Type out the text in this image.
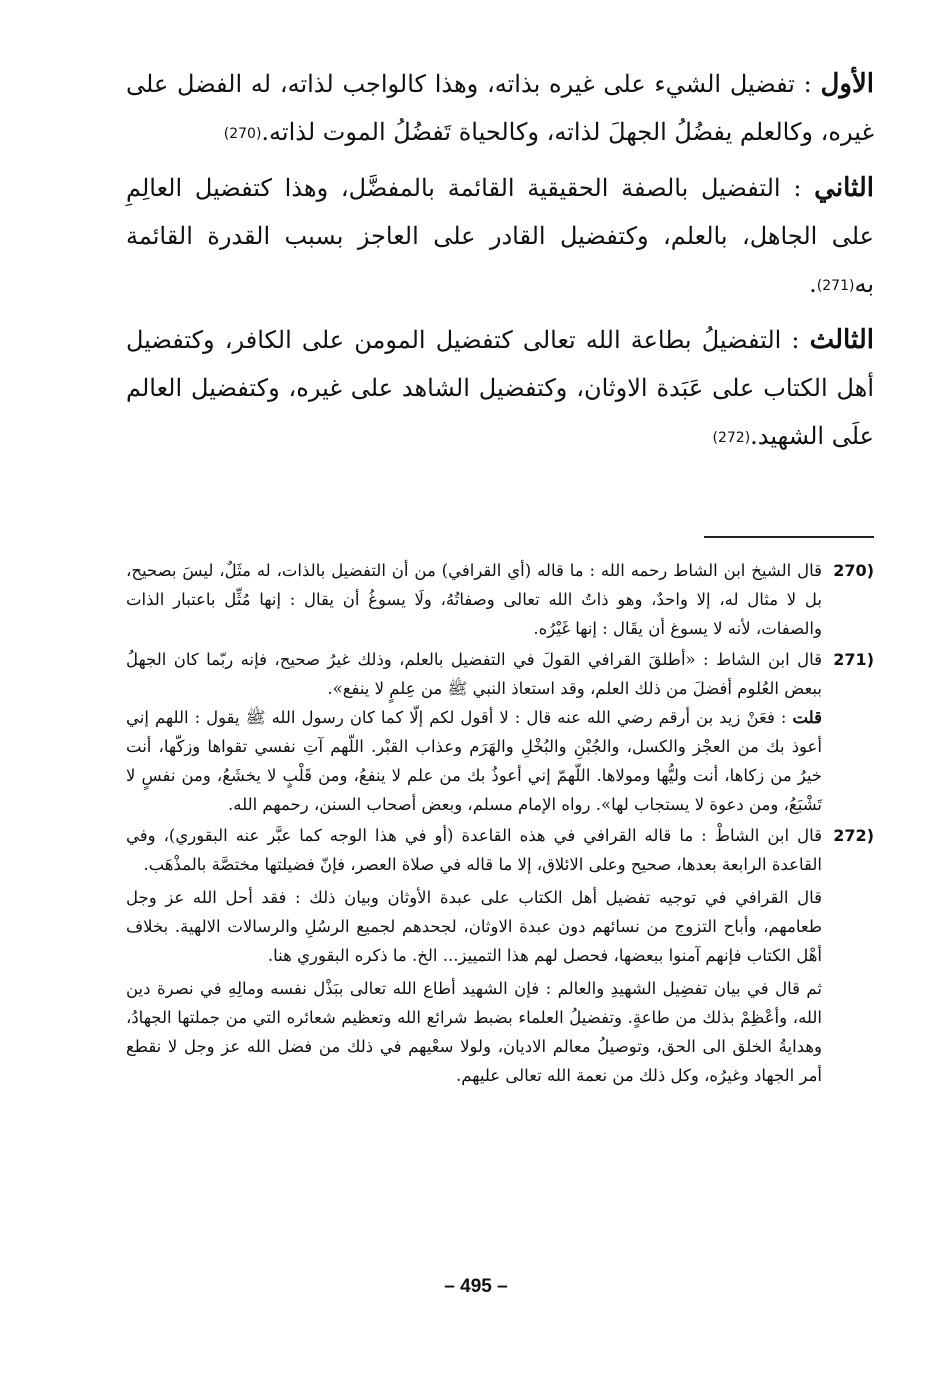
الأول : تفضيل الشيء على غيره بذاته، وهذا كالواجب لذاته، له الفضل على غيره، وكالعلم يفضُلُ الجهلَ لذاته، وكالحياة تَفضُلُ الموت لذاته.(270)

الثاني : التفضيل بالصفة الحقيقية القائمة بالمفضَّل، وهذا كتفضيل العالِمِ على الجاهل، بالعلم، وكتفضيل القادر على العاجز بسبب القدرة القائمة به(271).

الثالث : التفضيلُ بطاعة الله تعالى كتفضيل المومن على الكافر، وكتفضيل أهل الكتاب على عَبَدة الاوثان، وكتفضيل الشاهد على غيره، وكتفضيل العالم علَى الشهيد.(272)

(270

قال الشيخ ابن الشاط رحمه الله : ما قاله (أي القرافي) من أن التفضيل بالذات، له مثَلٌ، ليسَ بصحيح، بل لا مثال له، إلا واحدٌ، وهو ذاتُ الله تعالى وصفاتُهُ، ولَا يسوغُ أن يقال : إنها مُثِّل باعتبار الذات والصفات، لأنه لا يسوغ أن يقَال : إنها غَيْرُه.

(271

قال ابن الشاط : «أطلقَ القرافي القولَ في التفضيل بالعلم، وذلك غيرُ صحيح، فإنه ربّما كان الجهلُ ببعض العُلوم أفضلَ من ذلك العلم، وقد استعاذ النبي ﷺ من عِلمٍ لا ينفع».

قلت : فعَنْ زيد بن أرقم رضي الله عنه قال : لا أقول لكم إلّا كما كان رسول الله ﷺ يقول : اللهم إني أعوذ بك من العجْز والكسل، والجُبْنِ والبُخْلِ والهَرَم وعذاب القبْر. اللّهم آتِ نفسي تقواها وزكّها، أنت خيرُ من زكاها، أنت وليُّها ومولاها. اللّهمّ إني أعوذُ بك من علم لا ينفعُ، ومن قَلْبٍ لا يخشَعُ، ومن نفسٍ لا تَشْبَعُ، ومن دعوة لا يستجاب لها». رواه الإمام مسلم، وبعض أصحاب السنن، رحمهم الله.

(272

قال ابن الشاطْ : ما قاله القرافي في هذه القاعدة (أو في هذا الوجه كما عبَّر عنه البقوري)، وفي القاعدة الرابعة بعدها، صحيح وعلى الائلاق، إلا ما قاله في صلاة العصر، فإنّ فضيلتها مختصَّة بالمذْهَب.

قال القرافي في توجيه تفضيل أهل الكتاب على عبدة الأوثان وبيان ذلك : فقد أحل الله عز وجل طعامهم، وأباح التزوج من نسائهم دون عبدة الاوثان، لجحدهم لجميع الرسُلِ والرسالات الالهية. بخلاف أهْل الكتاب فإنهم آمنوا ببعضها، فحصل لهم هذا التمييز... الخ. ما ذكره البقوري هنا.

ثم قال في بيان تفضِيل الشهيدِ والعالم : فإن الشهيد أطاع الله تعالى ببَذْل نفسه ومالِهِ في نصرة دين الله، وأعْظِمْ بذلك من طاعةٍ. وتفضيلُ العلماء بضبط شرائع الله وتعظيم شعائره التي من جملتها الجهادُ، وهدايةُ الخلق الى الحق، وتوصيلُ معالم الاديان، ولولا سعْيهم في ذلك من فضل الله عز وجل لا نقطع أمر الجهاد وغيرُه، وكل ذلك من نعمة الله تعالى عليهم.

– 495 –
